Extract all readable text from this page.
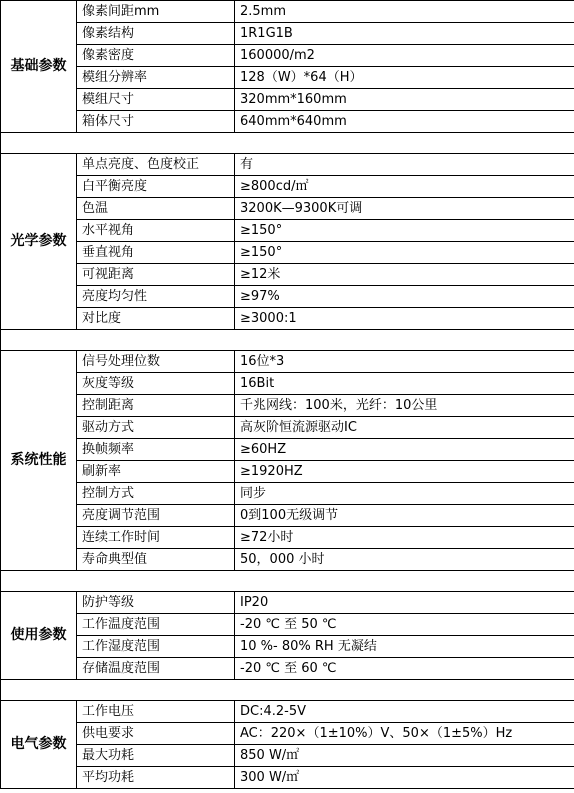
基础参数	像素间距mm	2.5mm
	像素结构	1R1G1B
	像素密度	160000/m2
	模组分辨率	128（W）*64（H）
	模组尺寸	320mm*160mm
	箱体尺寸	640mm*640mm

光学参数	单点亮度、色度校正	有
	白平衡亮度	≥800cd/㎡
	色温	3200K—9300K可调
	水平视角	≥150°
	垂直视角	≥150°
	可视距离	≥12米
	亮度均匀性	≥97%
	对比度	≥3000:1

系统性能	信号处理位数	16位*3
	灰度等级	16Bit
	控制距离	千兆网线：100米，光纤：10公里
	驱动方式	高灰阶恒流源驱动IC
	换帧频率	≥60HZ
	刷新率	≥1920HZ
	控制方式	同步
	亮度调节范围	0到100无级调节
	连续工作时间	≥72小时
	寿命典型值	50，000 小时

使用参数	防护等级	IP20
	工作温度范围	-20 ℃ 至 50 ℃
	工作湿度范围	10 %- 80% RH 无凝结
	存储温度范围	-20 ℃ 至 60 ℃

电气参数	工作电压	DC:4.2-5V
	供电要求	AC：220×（1±10%）V、50×（1±5%）Hz
	最大功耗	850 W/㎡
	平均功耗	300 W/㎡
